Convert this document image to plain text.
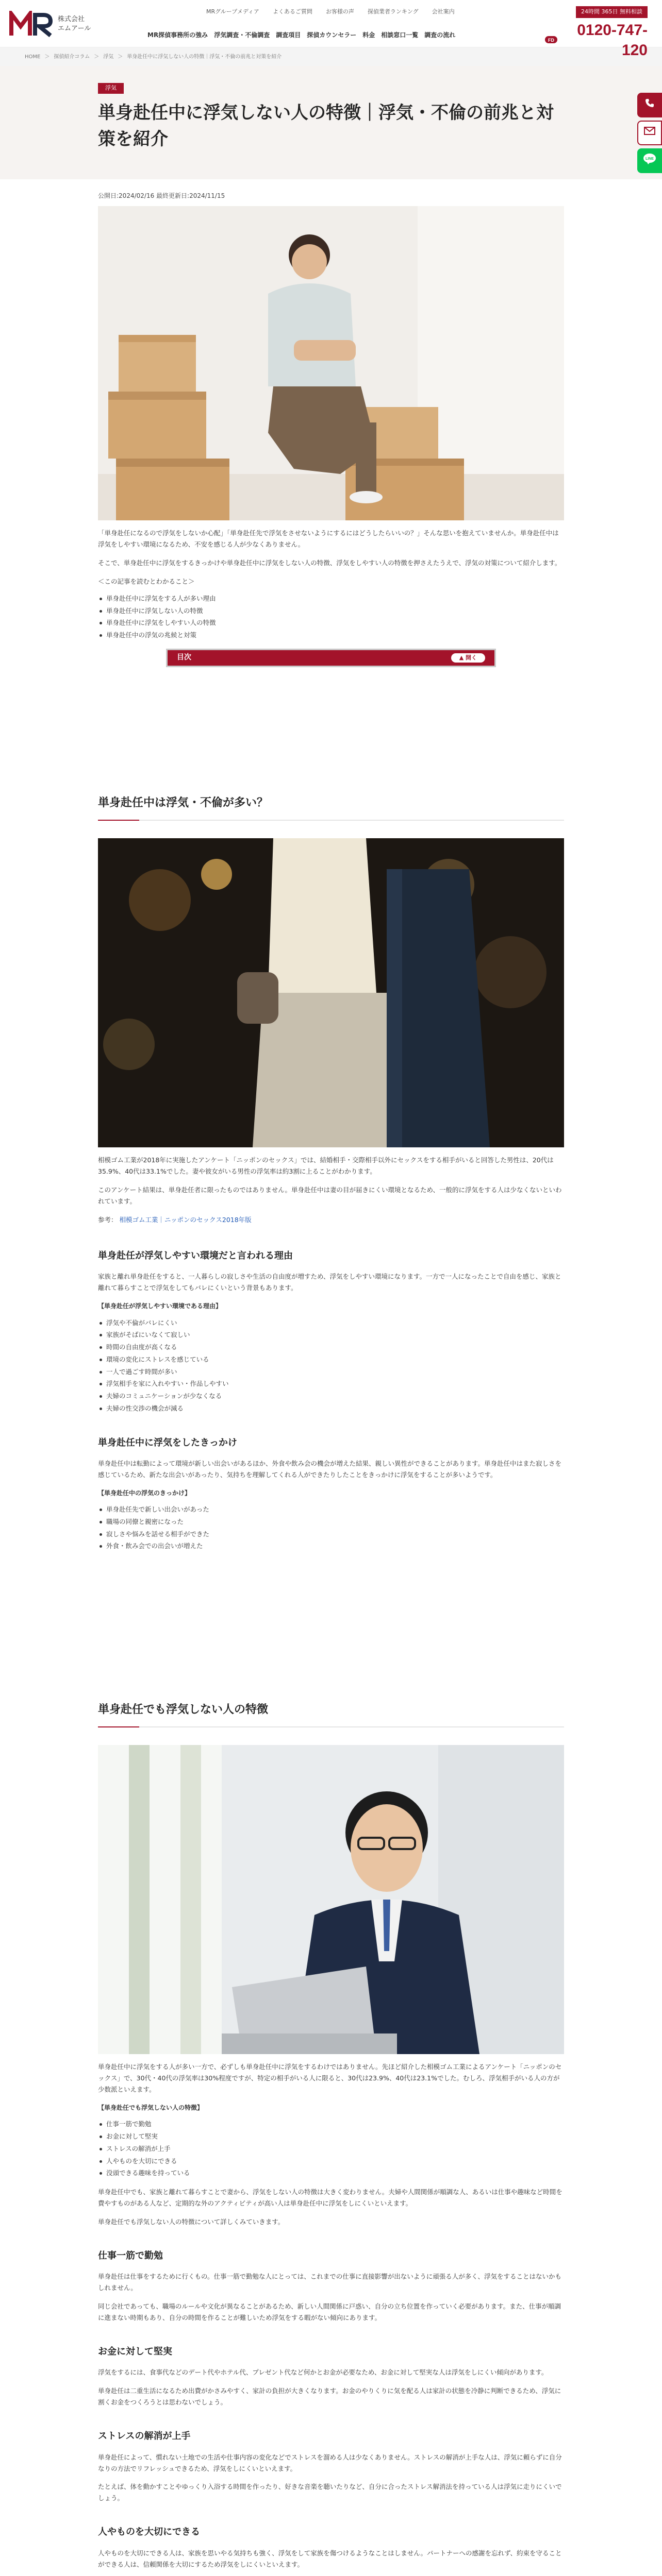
株式会社
エムアール
MRグループメディア よくあるご質問 お客様の声 探偵業者ランキング 会社案内
MR探偵事務所の強み 浮気調査・不倫調査 調査項目 探偵カウンセラー 料金 相談窓口一覧 調査の流れ
24時間 365日 無料相談
FD
0120-747-120
HOME ＞ 探偵紹介コラム ＞ 浮気 ＞ 単身赴任中に浮気しない人の特徴｜浮気・不倫の前兆と対策を紹介
浮気
単身赴任中に浮気しない人の特徴｜浮気・不倫の前兆と対策を紹介
LINE
公開日:2024/02/16 最終更新日:2024/11/15

「単身赴任になるので浮気をしないか心配」「単身赴任先で浮気をさせないようにするにはどうしたらいいの？」そんな思いを抱えていませんか。単身赴任中は浮気をしやすい環境になるため、不安を感じる人が少なくありません。

そこで、単身赴任中に浮気をするきっかけや単身赴任中に浮気をしない人の特徴、浮気をしやすい人の特徴を押さえたうえで、浮気の対策について紹介します。

＜この記事を読むとわかること＞

単身赴任中に浮気をする人が多い理由
単身赴任中に浮気しない人の特徴
単身赴任中に浮気をしやすい人の特徴
単身赴任中の浮気の兆候と対策
目次	▲ 開く
単身赴任中は浮気・不倫が多い？

相模ゴム工業が2018年に実施したアンケート「ニッポンのセックス」では、結婚相手・交際相手以外にセックスをする相手がいると回答した男性は、20代は35.9%、40代は33.1%でした。妻や彼女がいる男性の浮気率は約3割に上ることがわかります。

このアンケート結果は、単身赴任者に限ったものではありません。単身赴任中は妻の目が届きにくい環境となるため、一般的に浮気をする人は少なくないといわれています。

参考： 相模ゴム工業｜ニッポンのセックス2018年版

単身赴任が浮気しやすい環境だと言われる理由

家族と離れ単身赴任をすると、一人暮らしの寂しさや生活の自由度が増すため、浮気をしやすい環境になります。一方で一人になったことで自由を感じ、家族と離れて暮らすことで浮気をしてもバレにくいという背景もあります。

【単身赴任が浮気しやすい環境である理由】
浮気や不倫がバレにくい
家族がそばにいなくて寂しい
時間の自由度が高くなる
環境の変化にストレスを感じている
一人で過ごす時間が多い
浮気相手を家に入れやすい・作品しやすい
夫婦のコミュニケーションが少なくなる
夫婦の性交渉の機会が減る
単身赴任中に浮気をしたきっかけ

単身赴任中は転勤によって環境が新しい出会いがあるほか、外食や飲み会の機会が増えた結果、親しい異性ができることがあります。単身赴任中はまた寂しさを感じているため、新たな出会いがあったり、気持ちを理解してくれる人ができたりしたことをきっかけに浮気をすることが多いようです。

【単身赴任中の浮気のきっかけ】
単身赴任先で新しい出会いがあった
職場の同僚と親密になった
寂しさや悩みを話せる相手ができた
外食・飲み会での出会いが増えた
単身赴任でも浮気しない人の特徴

単身赴任中に浮気をする人が多い一方で、必ずしも単身赴任中に浮気をするわけではありません。先ほど紹介した相模ゴム工業によるアンケート「ニッポンのセックス」で、30代・40代の浮気率は30%程度ですが、特定の相手がいる人に限ると、30代は23.9%、40代は23.1%でした。むしろ、浮気相手がいる人の方が少数派といえます。

【単身赴任でも浮気しない人の特徴】
仕事一筋で勤勉
お金に対して堅実
ストレスの解消が上手
人やものを大切にできる
没頭できる趣味を持っている

単身赴任中でも、家族と離れて暮らすことで妻から、浮気をしない人の特徴は大きく変わりません。夫婦や人間関係が順調な人、あるいは仕事や趣味など時間を費やすものがある人など、定期的な外のアクティビティが高い人は単身赴任中に浮気をしにくいといえます。

単身赴任でも浮気しない人の特徴について詳しくみていきます。

仕事一筋で勤勉

単身赴任は仕事をするために行くもの。仕事一筋で勤勉な人にとっては、これまでの仕事に直接影響が出ないように頑張る人が多く、浮気をすることはないかもしれません。

同じ会社であっても、職場のルールや文化が異なることがあるため、新しい人間関係に戸惑い、自分の立ち位置を作っていく必要があります。また、仕事が順調に進まない時期もあり、自分の時間を作ることが難しいため浮気をする暇がない傾向にあります。

お金に対して堅実

浮気をするには、食事代などのデート代やホテル代、プレゼント代など何かとお金が必要なため、お金に対して堅実な人は浮気をしにくい傾向があります。

単身赴任は二重生活になるため出費がかさみやすく、家計の負担が大きくなります。お金のやりくりに気を配る人は家計の状態を冷静に判断できるため、浮気に割くお金をつくろうとは思わないでしょう。

ストレスの解消が上手

単身赴任によって、慣れない土地での生活や仕事内容の変化などでストレスを溜める人は少なくありません。ストレスの解消が上手な人は、浮気に頼らずに自分なりの方法でリフレッシュできるため、浮気をしにくいといえます。

たとえば、体を動かすことやゆっくり入浴する時間を作ったり、好きな音楽を聴いたりなど、自分に合ったストレス解消法を持っている人は浮気に走りにくいでしょう。

人やものを大切にできる

人やものを大切にできる人は、家族を思いやる気持ちも強く、浮気をして家族を傷つけるようなことはしません。パートナーへの感謝を忘れず、約束を守ることができる人は、信頼関係を大切にするため浮気をしにくいといえます。
